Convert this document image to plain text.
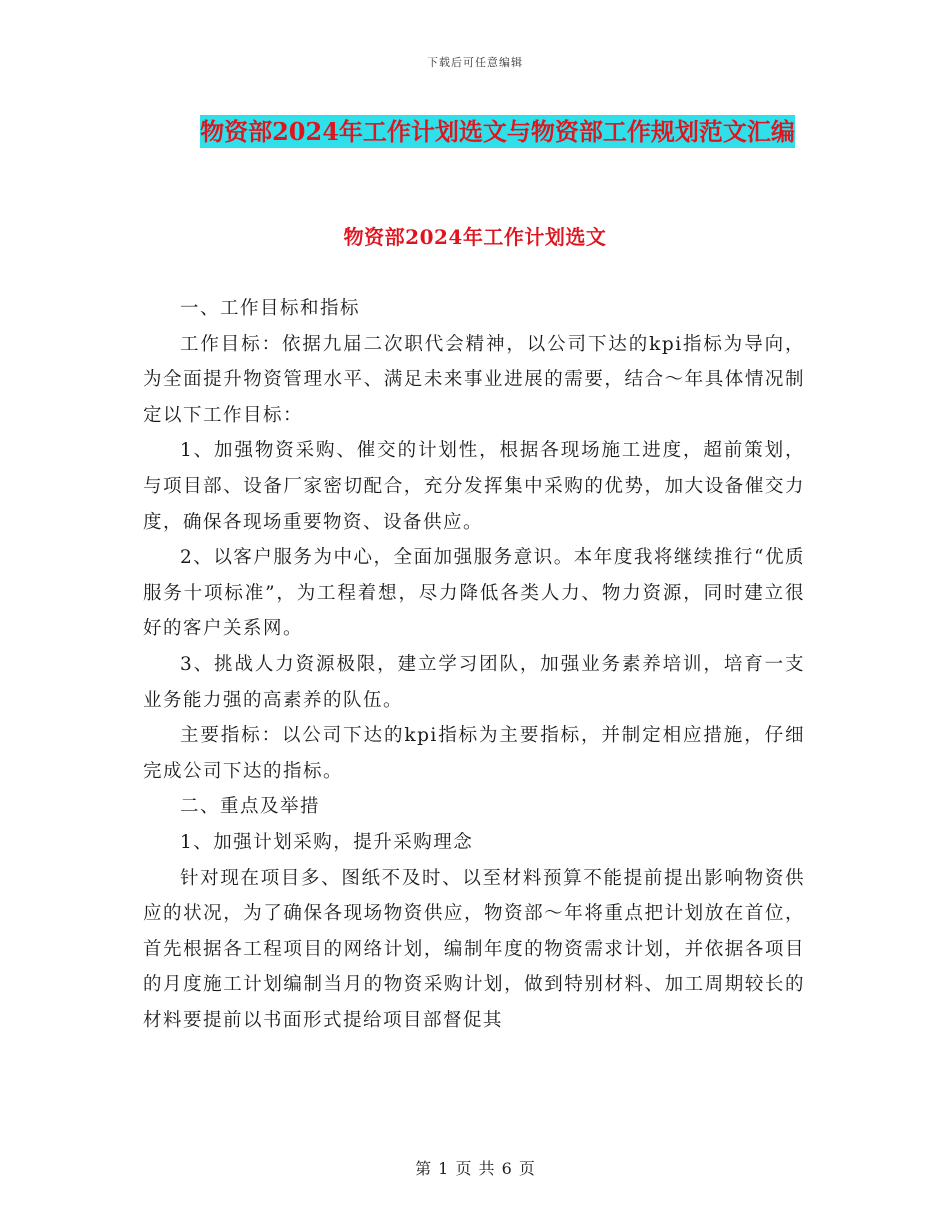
下载后可任意编辑
物资部2024年工作计划选文与物资部工作规划范文汇编
物资部2024年工作计划选文

一、工作目标和指标

工作目标：依据九届二次职代会精神，以公司下达的kpi指标为导向，为全面提升物资管理水平、满足未来事业进展的需要，结合～年具体情况制定以下工作目标：

1、加强物资采购、催交的计划性，根据各现场施工进度，超前策划，与项目部、设备厂家密切配合，充分发挥集中采购的优势，加大设备催交力度，确保各现场重要物资、设备供应。

2、以客户服务为中心，全面加强服务意识。本年度我将继续推行“优质服务十项标准”，为工程着想，尽力降低各类人力、物力资源，同时建立很好的客户关系网。

3、挑战人力资源极限，建立学习团队，加强业务素养培训，培育一支业务能力强的高素养的队伍。

主要指标：以公司下达的kpi指标为主要指标，并制定相应措施，仔细完成公司下达的指标。

二、重点及举措

1、加强计划采购，提升采购理念

针对现在项目多、图纸不及时、以至材料预算不能提前提出影响物资供应的状况，为了确保各现场物资供应，物资部～年将重点把计划放在首位，首先根据各工程项目的网络计划，编制年度的物资需求计划，并依据各项目的月度施工计划编制当月的物资采购计划，做到特别材料、加工周期较长的材料要提前以书面形式提给项目部督促其

第 1 页 共 6 页
